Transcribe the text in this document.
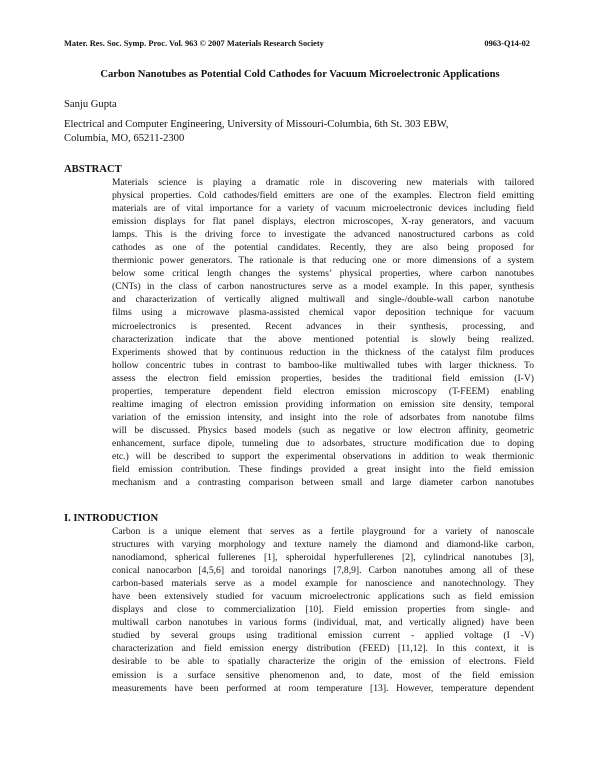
Mater. Res. Soc. Symp. Proc. Vol. 963 © 2007 Materials Research Society	0963-Q14-02
Carbon Nanotubes as Potential Cold Cathodes for Vacuum Microelectronic Applications
Sanju Gupta
Electrical and Computer Engineering, University of Missouri-Columbia, 6th St. 303 EBW,
Columbia, MO, 65211-2300
ABSTRACT

Materials science is playing a dramatic role in discovering new materials with tailored
physical properties. Cold cathodes/field emitters are one of the examples. Electron field emitting
materials are of vital importance for a variety of vacuum microelectronic devices including field
emission displays for flat panel displays, electron microscopes, X-ray generators, and vacuum
lamps. This is the driving force to investigate the advanced nanostructured carbons as cold
cathodes as one of the potential candidates. Recently, they are also being proposed for
thermionic power generators. The rationale is that reducing one or more dimensions of a system
below some critical length changes the systems’ physical properties, where carbon nanotubes
(CNTs) in the class of carbon nanostructures serve as a model example. In this paper, synthesis
and characterization of vertically aligned multiwall and single-/double-wall carbon nanotube
films using a microwave plasma-assisted chemical vapor deposition technique for vacuum
microelectronics is presented. Recent advances in their synthesis, processing, and
characterization indicate that the above mentioned potential is slowly being realized.
Experiments showed that by continuous reduction in the thickness of the catalyst film produces
hollow concentric tubes in contrast to bamboo-like multiwalled tubes with larger thickness. To
assess the electron field emission properties, besides the traditional field emission (I-V)
properties, temperature dependent field electron emission microscopy (T-FEEM) enabling
realtime imaging of electron emission providing information on emission site density, temporal
variation of the emission intensity, and insight into the role of adsorbates from nanotube films
will be discussed. Physics based models (such as negative or low electron affinity, geometric
enhancement, surface dipole, tunneling due to adsorbates, structure modification due to doping
etc.) will be described to support the experimental observations in addition to weak thermionic
field emission contribution. These findings provided a great insight into the field emission
mechanism and a contrasting comparison between small and large diameter carbon nanotubes

I. INTRODUCTION

Carbon is a unique element that serves as a fertile playground for a variety of nanoscale
structures with varying morphology and texture namely the diamond and diamond-like carbon,
nanodiamond, spherical fullerenes [1], spheroidal hyperfullerenes [2], cylindrical nanotubes [3],
conical nanocarbon [4,5,6] and toroidal nanorings [7,8,9]. Carbon nanotubes among all of these
carbon-based materials serve as a model example for nanoscience and nanotechnology. They
have been extensively studied for vacuum microelectronic applications such as field emission
displays and close to commercialization [10]. Field emission properties from single- and
multiwall carbon nanotubes in various forms (individual, mat, and vertically aligned) have been
studied by several groups using traditional emission current - applied voltage (I -V)
characterization and field emission energy distribution (FEED) [11,12]. In this context, it is
desirable to be able to spatially characterize the origin of the emission of electrons. Field
emission is a surface sensitive phenomenon and, to date, most of the field emission
measurements have been performed at room temperature [13]. However, temperature dependent
